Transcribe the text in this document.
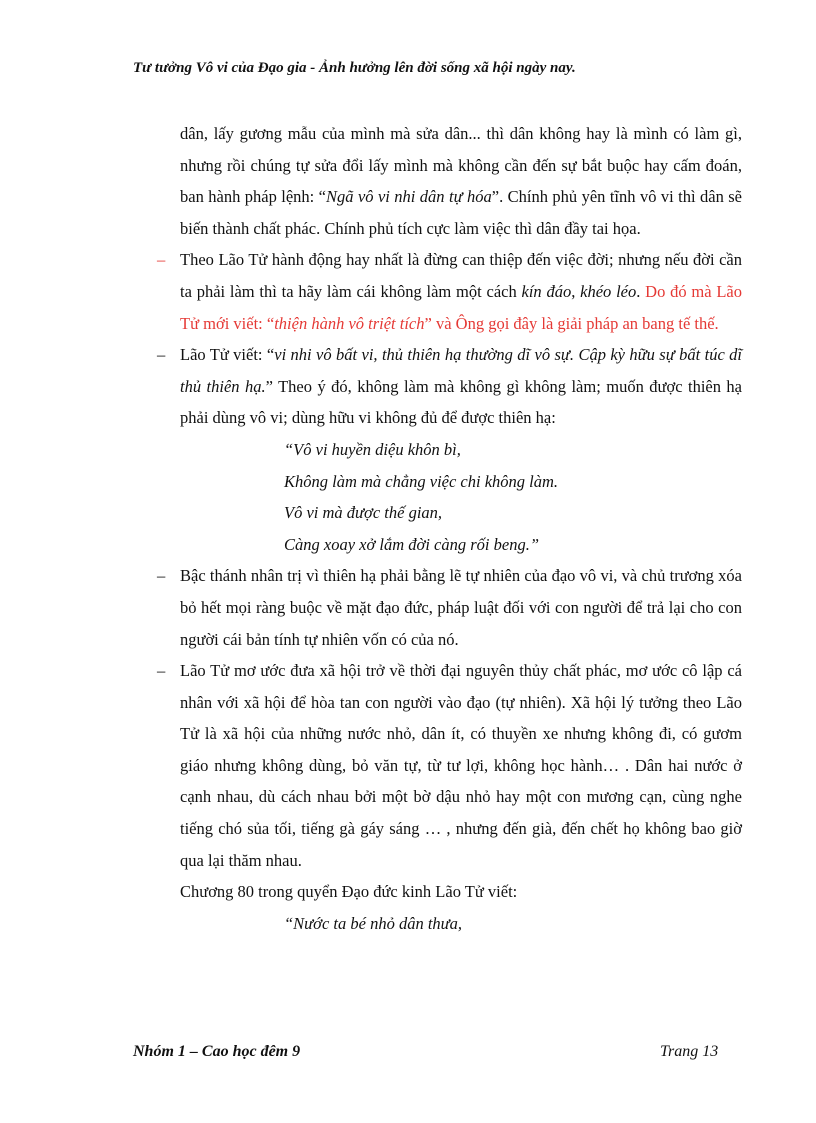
Tư tưởng Vô vi của Đạo gia - Ảnh hưởng lên đời sống xã hội ngày nay.

dân, lấy gương mẫu của mình mà sửa dân... thì dân không hay là mình có làm gì, nhưng rồi chúng tự sửa đổi lấy mình mà không cần đến sự bắt buộc hay cấm đoán, ban hành pháp lệnh: “Ngã vô vi nhi dân tự hóa”. Chính phủ yên tĩnh vô vi thì dân sẽ biến thành chất phác. Chính phủ tích cực làm việc thì dân đầy tai họa.

– Theo Lão Tử hành động hay nhất là đừng can thiệp đến việc đời; nhưng nếu đời cần ta phải làm thì ta hãy làm cái không làm một cách kín đáo, khéo léo. Do đó mà Lão Tử mới viết: “thiện hành vô triệt tích” và Ông gọi đây là giải pháp an bang tế thế.

– Lão Tử viết: “vi nhi vô bất vi, thủ thiên hạ thường dĩ vô sự. Cập kỳ hữu sự bất túc dĩ thủ thiên hạ.” Theo ý đó, không làm mà không gì không làm; muốn được thiên hạ phải dùng vô vi; dùng hữu vi không đủ để được thiên hạ:

“Vô vi huyền diệu khôn bì,

Không làm mà chẳng việc chi không làm.

Vô vi mà được thế gian,

Càng xoay xở lắm đời càng rối beng.”

– Bậc thánh nhân trị vì thiên hạ phải bằng lẽ tự nhiên của đạo vô vi, và chủ trương xóa bỏ hết mọi ràng buộc về mặt đạo đức, pháp luật đối với con người để trả lại cho con người cái bản tính tự nhiên vốn có của nó.

– Lão Tử mơ ước đưa xã hội trở về thời đại nguyên thủy chất phác, mơ ước cô lập cá nhân với xã hội để hòa tan con người vào đạo (tự nhiên). Xã hội lý tưởng theo Lão Tử là xã hội của những nước nhỏ, dân ít, có thuyền xe nhưng không đi, có gươm giáo nhưng không dùng, bỏ văn tự, từ tư lợi, không học hành… . Dân hai nước ở cạnh nhau, dù cách nhau bởi một bờ dậu nhỏ hay một con mương cạn, cùng nghe tiếng chó sủa tối, tiếng gà gáy sáng … , nhưng đến già, đến chết họ không bao giờ qua lại thăm nhau.

Chương 80 trong quyển Đạo đức kinh Lão Tử viết:

“Nước ta bé nhỏ dân thưa,

Nhóm 1 – Cao học đêm 9	Trang 13
